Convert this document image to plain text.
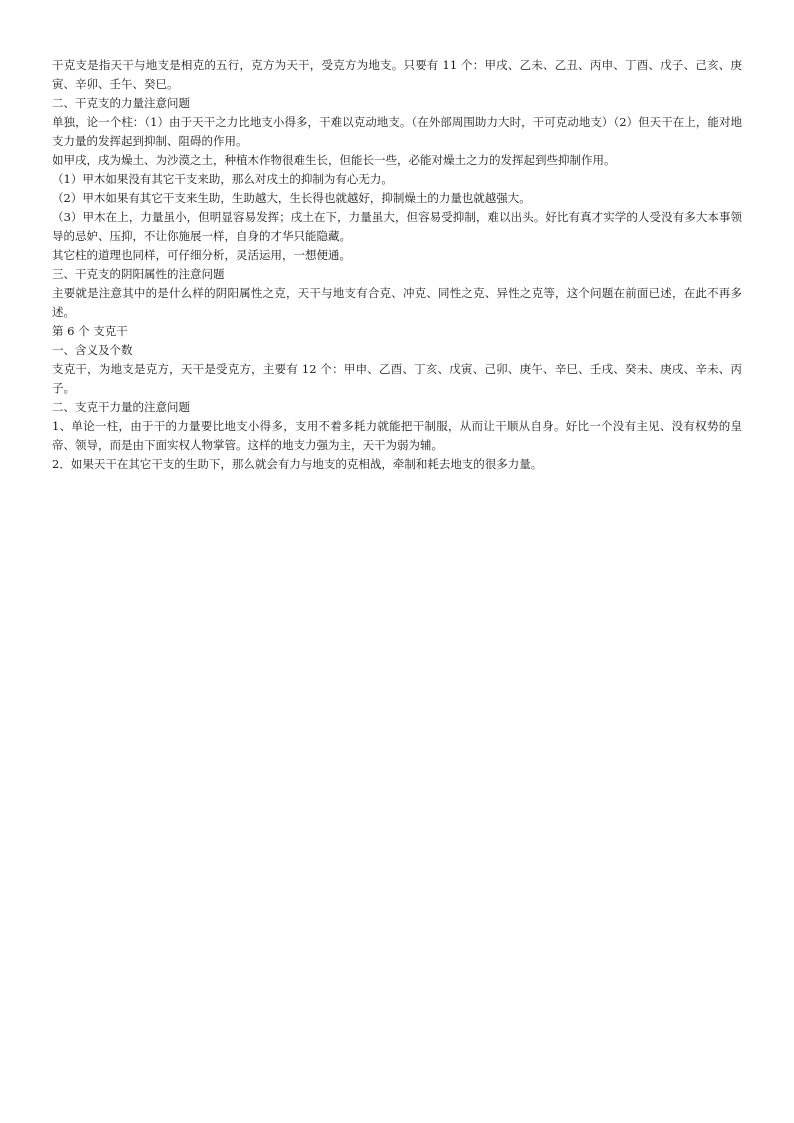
干克支是指天干与地支是相克的五行，克方为天干，受克方为地支。只要有 11 个：甲戌、乙未、乙丑、丙申、丁酉、戊子、己亥、庚寅、辛卯、壬午、癸巳。

二、干克支的力量注意问题

单独，论一个柱：（1）由于天干之力比地支小得多，干难以克动地支。（在外部周围助力大时，干可克动地支）（2）但天干在上，能对地支力量的发挥起到抑制、阻碍的作用。

如甲戌，戌为燥土、为沙漠之土，种植木作物很难生长，但能长一些，必能对燥土之力的发挥起到些抑制作用。

（1）甲木如果没有其它干支来助，那么对戌土的抑制为有心无力。

（2）甲木如果有其它干支来生助，生助越大，生长得也就越好，抑制燥土的力量也就越强大。

（3）甲木在上，力量虽小，但明显容易发挥；戌土在下，力量虽大，但容易受抑制，难以出头。好比有真才实学的人受没有多大本事领导的忌妒、压抑，不让你施展一样，自身的才华只能隐藏。

其它柱的道理也同样，可仔细分析，灵活运用，一想便通。

三、干克支的阴阳属性的注意问题

主要就是注意其中的是什么样的阴阳属性之克，天干与地支有合克、冲克、同性之克、异性之克等，这个问题在前面已述，在此不再多述。

第 6 个 支克干

一、含义及个数

支克干，为地支是克方，天干是受克方，主要有 12 个：甲申、乙酉、丁亥、戊寅、己卯、庚午、辛巳、壬戌、癸未、庚戌、辛未、丙子。

二、支克干力量的注意问题

1、单论一柱，由于干的力量要比地支小得多，支用不着多耗力就能把干制服，从而让干顺从自身。好比一个没有主见、没有权势的皇帝、领导，而是由下面实权人物掌管。这样的地支力强为主，天干为弱为辅。

2．如果天干在其它干支的生助下，那么就会有力与地支的克相战，牵制和耗去地支的很多力量。
